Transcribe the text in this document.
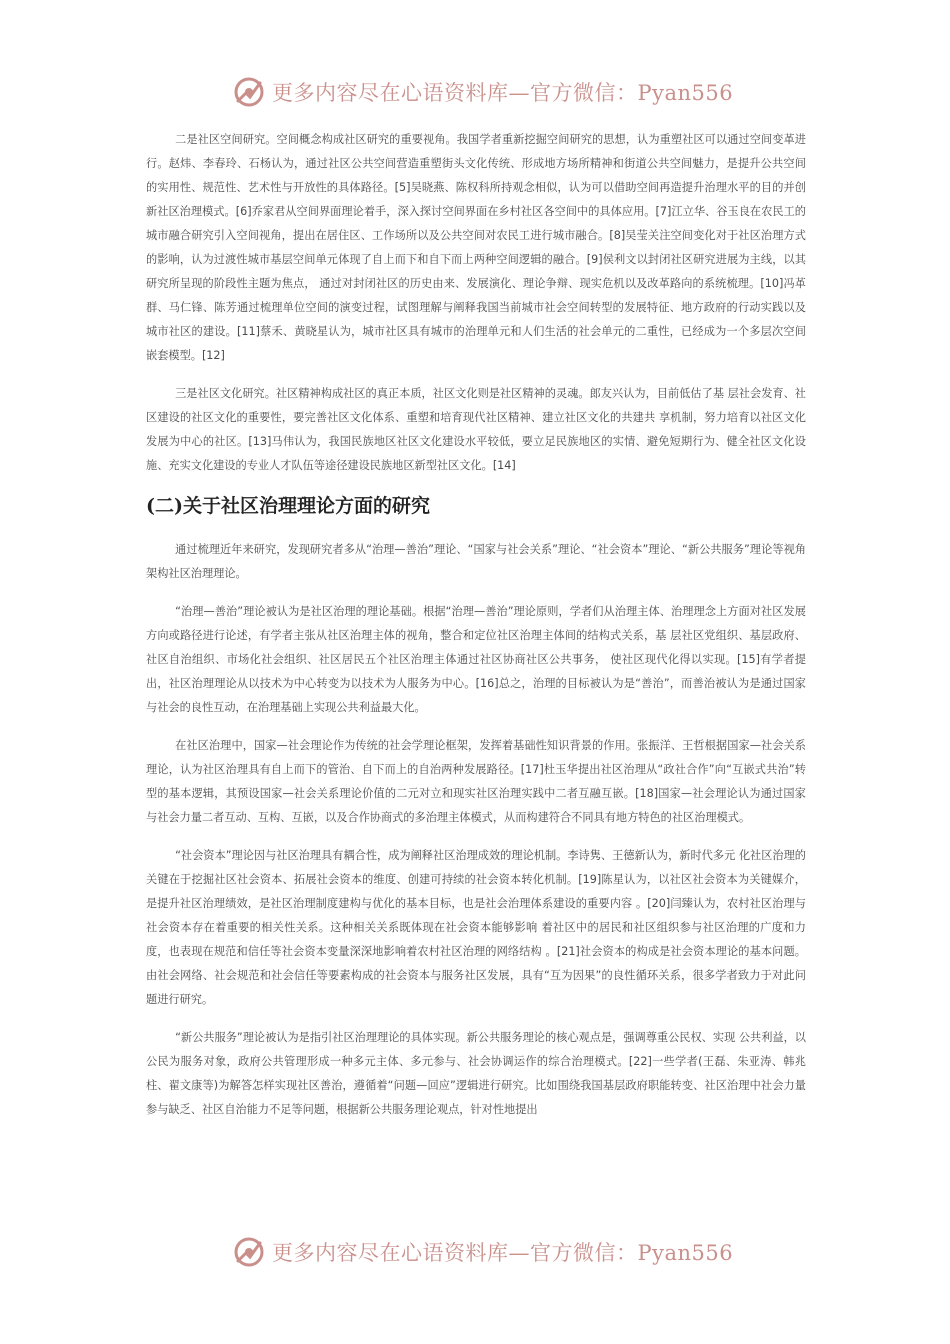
更多内容尽在心语资料库—官方微信：Pyan556

二是社区空间研究。空间概念构成社区研究的重要视角。我国学者重新挖掘空间研究的思想，认为重塑社区可以通过空间变革进行。赵炜、李春玲、石杨认为，通过社区公共空间营造重塑街头文化传统、形成地方场所精神和街道公共空间魅力，是提升公共空间的实用性、规范性、艺术性与开放性的具体路径。[5]吴晓燕、陈权科所持观念相似，认为可以借助空间再造提升治理水平的目的并创新社区治理模式。[6]乔家君从空间界面理论着手，深入探讨空间界面在乡村社区各空间中的具体应用。[7]江立华、谷玉良在农民工的城市融合研究引入空间视角，提出在居住区、工作场所以及公共空间对农民工进行城市融合。[8]吴莹关注空间变化对于社区治理方式的影响，认为过渡性城市基层空间单元体现了自上而下和自下而上两种空间逻辑的融合。[9]侯利文以封闭社区研究进展为主线，以其研究所呈现的阶段性主题为焦点， 通过对封闭社区的历史由来、发展演化、理论争辩、现实危机以及改革路向的系统梳理。[10]冯革群、马仁锋、陈芳通过梳理单位空间的演变过程，试图理解与阐释我国当前城市社会空间转型的发展特征、地方政府的行动实践以及城市社区的建设。[11]蔡禾、黄晓星认为，城市社区具有城市的治理单元和人们生活的社会单元的二重性，已经成为一个多层次空间嵌套模型。[12]

三是社区文化研究。社区精神构成社区的真正本质，社区文化则是社区精神的灵魂。郎友兴认为，目前低估了基 层社会发育、社区建设的社区文化的重要性，要完善社区文化体系、重塑和培育现代社区精神、建立社区文化的共建共 享机制，努力培育以社区文化发展为中心的社区。[13]马伟认为，我国民族地区社区文化建设水平较低，要立足民族地区的实情、避免短期行为、健全社区文化设施、充实文化建设的专业人才队伍等途径建设民族地区新型社区文化。[14]

(二)关于社区治理理论方面的研究

通过梳理近年来研究，发现研究者多从“治理—善治”理论、“国家与社会关系”理论、“社会资本”理论、“新公共服务”理论等视角架构社区治理理论。

“治理—善治”理论被认为是社区治理的理论基础。根据“治理—善治”理论原则，学者们从治理主体、治理理念上方面对社区发展方向或路径进行论述，有学者主张从社区治理主体的视角，整合和定位社区治理主体间的结构式关系，基 层社区党组织、基层政府、社区自治组织、市场化社会组织、社区居民五个社区治理主体通过社区协商社区公共事务， 使社区现代化得以实现。[15]有学者提出，社区治理理论从以技术为中心转变为以技术为人服务为中心。[16]总之，治理的目标被认为是“善治”，而善治被认为是通过国家与社会的良性互动，在治理基础上实现公共利益最大化。

在社区治理中，国家—社会理论作为传统的社会学理论框架，发挥着基础性知识背景的作用。张振洋、王哲根据国家—社会关系理论，认为社区治理具有自上而下的管治、自下而上的自治两种发展路径。[17]杜玉华提出社区治理从“政社合作”向“互嵌式共治”转型的基本逻辑，其预设国家—社会关系理论价值的二元对立和现实社区治理实践中二者互融互嵌。[18]国家—社会理论认为通过国家与社会力量二者互动、互构、互嵌，以及合作协商式的多治理主体模式，从而构建符合不同具有地方特色的社区治理模式。

“社会资本”理论因与社区治理具有耦合性，成为阐释社区治理成效的理论机制。李诗隽、王德新认为，新时代多元 化社区治理的关键在于挖掘社区社会资本、拓展社会资本的维度、创建可持续的社会资本转化机制。[19]陈星认为，以社区社会资本为关键媒介，是提升社区治理绩效，是社区治理制度建构与优化的基本目标，也是社会治理体系建设的重要内容 。[20]闫臻认为，农村社区治理与社会资本存在着重要的相关性关系。这种相关关系既体现在社会资本能够影响 着社区中的居民和社区组织参与社区治理的广度和力度，也表现在规范和信任等社会资本变量深深地影响着农村社区治理的网络结构 。[21]社会资本的构成是社会资本理论的基本问题。由社会网络、社会规范和社会信任等要素构成的社会资本与服务社区发展，具有“互为因果”的良性循环关系，很多学者致力于对此问题进行研究。

“新公共服务”理论被认为是指引社区治理理论的具体实现。新公共服务理论的核心观点是，强调尊重公民权、实现 公共利益，以公民为服务对象，政府公共管理形成一种多元主体、多元参与、社会协调运作的综合治理模式。[22]一些学者(王磊、朱亚涛、韩兆柱、翟文康等)为解答怎样实现社区善治，遵循着“问题—回应”逻辑进行研究。比如围绕我国基层政府职能转变、社区治理中社会力量参与缺乏、社区自治能力不足等问题，根据新公共服务理论观点，针对性地提出

更多内容尽在心语资料库—官方微信：Pyan556
